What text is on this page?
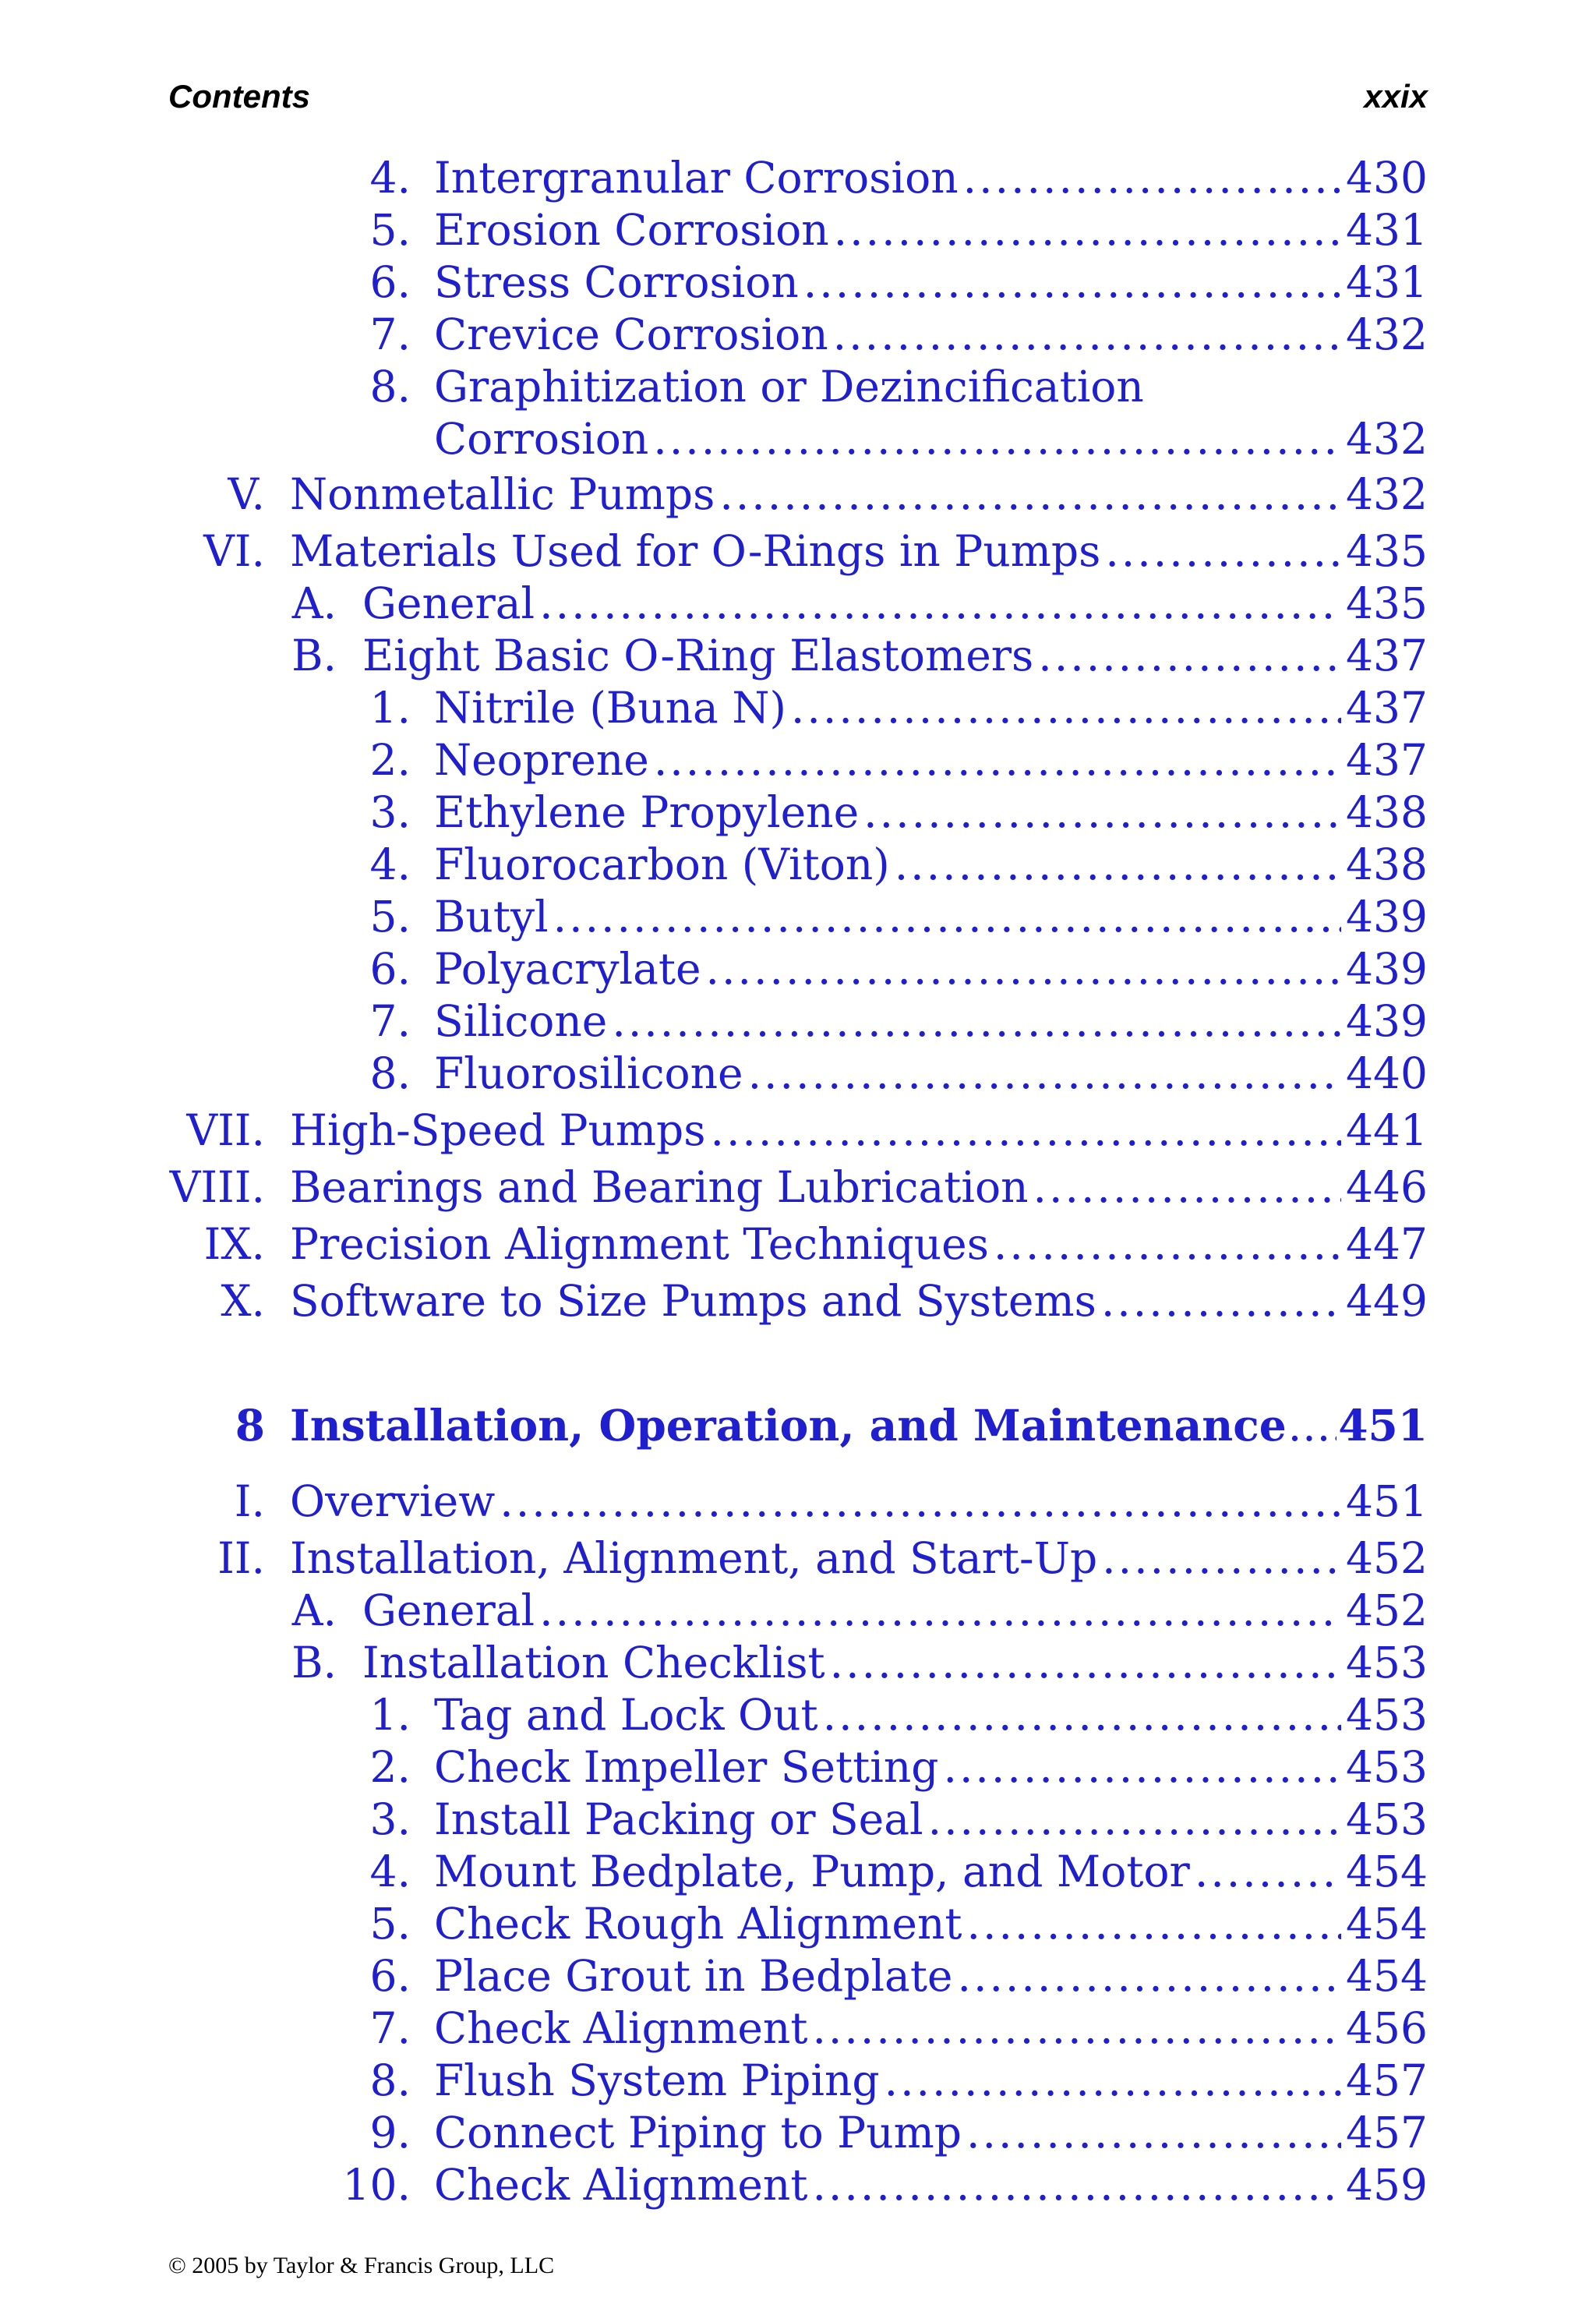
Contents	xxix
4. Intergranular Corrosion .....	430
5. Erosion Corrosion .....	431
6. Stress Corrosion .....	431
7. Crevice Corrosion .....	432
8. Graphitization or Dezincification
Corrosion .....	432
V. Nonmetallic Pumps .....	432
VI. Materials Used for O-Rings in Pumps .....	435
A. General .....	435
B. Eight Basic O-Ring Elastomers .....	437
1. Nitrile (Buna N) .....	437
2. Neoprene .....	437
3. Ethylene Propylene .....	438
4. Fluorocarbon (Viton) .....	438
5. Butyl .....	439
6. Polyacrylate .....	439
7. Silicone .....	439
8. Fluorosilicone .....	440
VII. High-Speed Pumps .....	441
VIII. Bearings and Bearing Lubrication .....	446
IX. Precision Alignment Techniques .....	447
X. Software to Size Pumps and Systems .....	449
8 Installation, Operation, and Maintenance ..... 451
I. Overview .....	451
II. Installation, Alignment, and Start-Up .....	452
A. General .....	452
B. Installation Checklist .....	453
1. Tag and Lock Out .....	453
2. Check Impeller Setting .....	453
3. Install Packing or Seal .....	453
4. Mount Bedplate, Pump, and Motor .....	454
5. Check Rough Alignment .....	454
6. Place Grout in Bedplate .....	454
7. Check Alignment .....	456
8. Flush System Piping .....	457
9. Connect Piping to Pump .....	457
10. Check Alignment .....	459
© 2005 by Taylor & Francis Group, LLC
